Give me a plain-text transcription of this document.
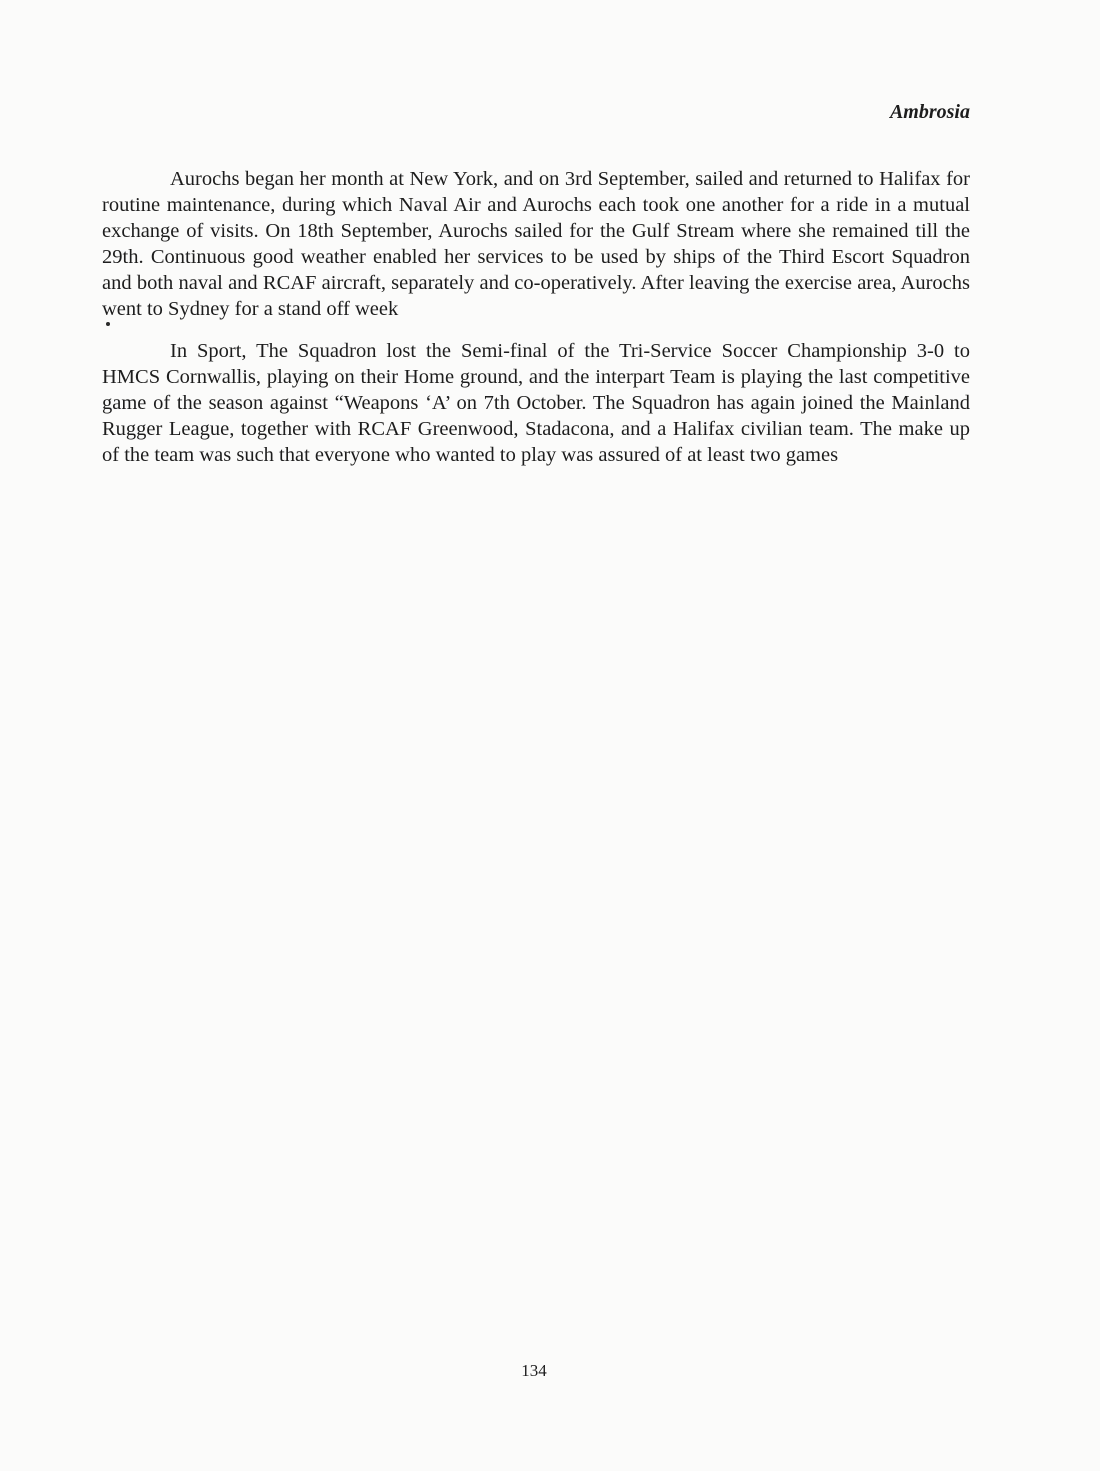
Ambrosia

Aurochs began her month at New York, and on 3rd September, sailed and returned to Halifax for routine maintenance, during which Naval Air and Aurochs each took one another for a ride in a mutual exchange of visits. On 18th September, Aurochs sailed for the Gulf Stream where she remained till the 29th. Continuous good weather enabled her services to be used by ships of the Third Escort Squadron and both naval and RCAF aircraft, separately and co-operatively. After leaving the exercise area, Aurochs went to Sydney for a stand off week

In Sport, The Squadron lost the Semi-final of the Tri-Service Soccer Championship 3-0 to HMCS Cornwallis, playing on their Home ground, and the interpart Team is playing the last competitive game of the season against “Weapons ‘A’ on 7th October. The Squadron has again joined the Mainland Rugger League, together with RCAF Greenwood, Stadacona, and a Halifax civilian team. The make up of the team was such that everyone who wanted to play was assured of at least two games

134
